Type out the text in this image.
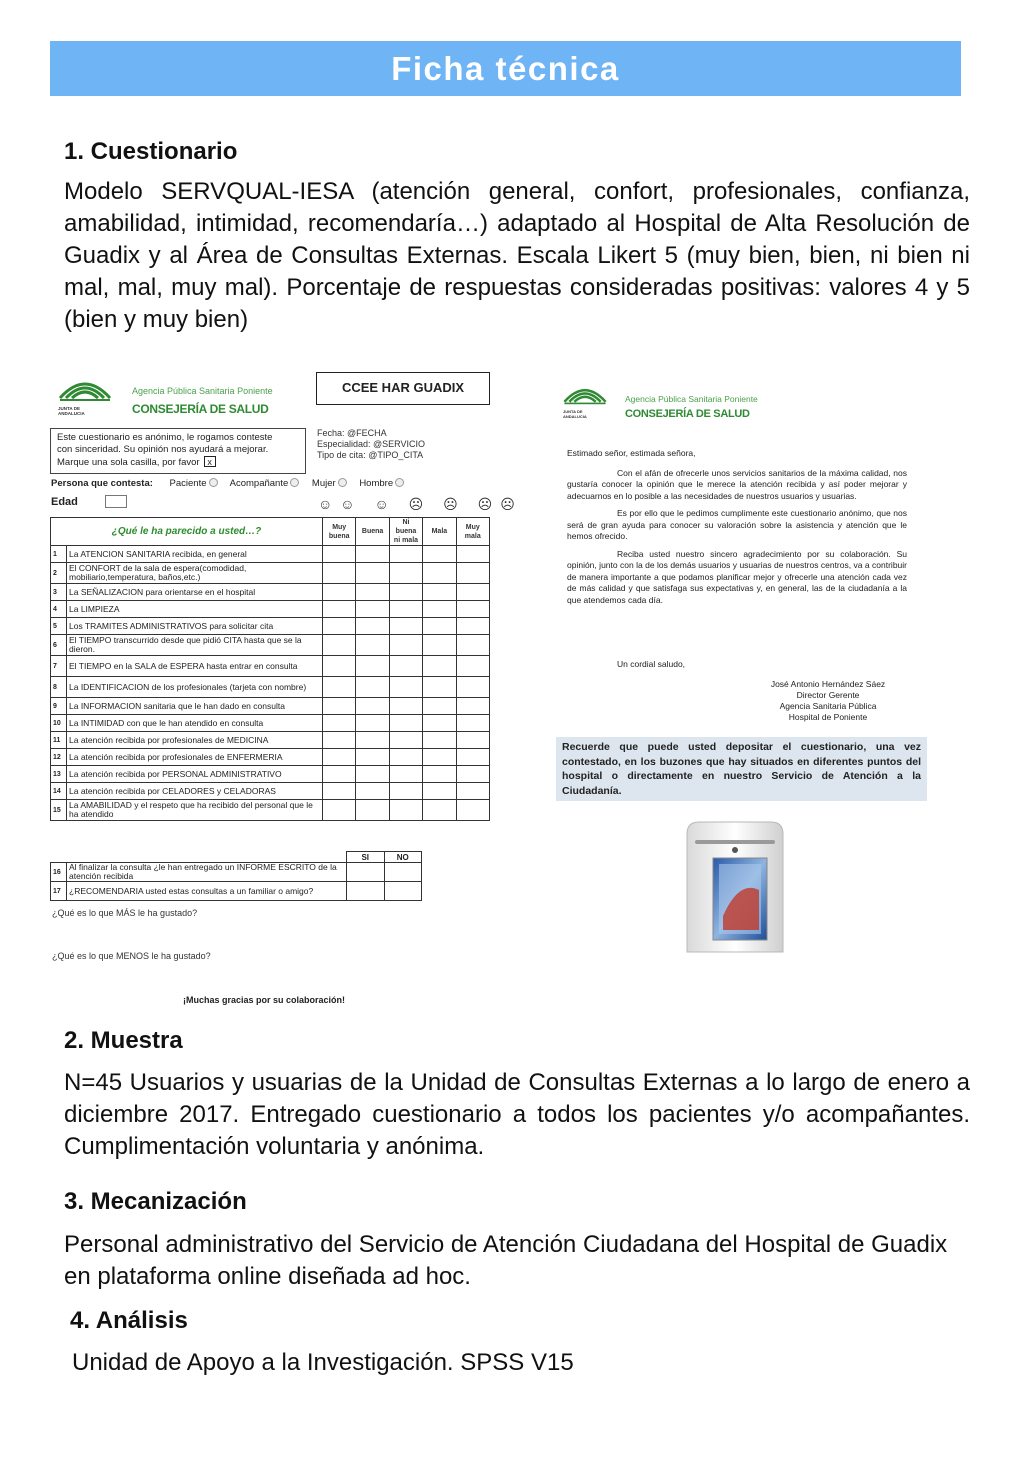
Ficha técnica
1. Cuestionario
Modelo SERVQUAL-IESA (atención general, confort, profesionales, confianza, amabilidad, intimidad, recomendaría…) adaptado al Hospital de Alta Resolución de Guadix y al Área de Consultas Externas. Escala Likert 5 (muy bien, bien, ni bien ni mal, mal, muy mal). Porcentaje de respuestas consideradas positivas: valores 4 y 5 (bien y muy bien)
JUNTA DE ANDALUCIA
Agencia Pública Sanitaria Poniente
CONSEJERÍA DE SALUD
CCEE HAR GUADIX
Este cuestionario es anónimo, le rogamos conteste
con sinceridad. Su opinión nos ayudará a mejorar.
Marque una sola casilla, por favor x
Fecha: @FECHA
Especialidad: @SERVICIO
Tipo de cita: @TIPO_CITA
Persona que contesta: Paciente Acompañante Mujer Hombre
Edad	☺☺ ☺ ☹ ☹ ☹☹
¿Qué le ha parecido a usted…?		Muy buena	Buena	Ni buena ni mala	Mala	Muy mala
1	La ATENCION SANITARIA recibida, en general					
2	El CONFORT de la sala de espera(comodidad, mobiliario,temperatura, baños,etc.)					
3	La SEÑALIZACION para orientarse en el hospital					
4	La LIMPIEZA					
5	Los TRAMITES ADMINISTRATIVOS para solicitar cita					
6	El TIEMPO transcurrido desde que pidió CITA hasta que se la dieron.					
7	El TIEMPO en la SALA de ESPERA hasta entrar en consulta					
8	La IDENTIFICACION de los profesionales (tarjeta con nombre)					
9	La INFORMACION sanitaria que le han dado en consulta					
10	La INTIMIDAD con que le han atendido en consulta					
11	La atención recibida por profesionales de MEDICINA					
12	La atención recibida por profesionales de ENFERMERIA					
13	La atención recibida por PERSONAL ADMINISTRATIVO					
14	La atención recibida por CELADORES y CELADORAS					
15	La AMABILIDAD y el respeto que ha recibido del personal que le ha atendido					
		SI	NO
16	Al finalizar la consulta ¿le han entregado un INFORME ESCRITO de la atención recibida		
17	¿RECOMENDARIA usted estas consultas a un familiar o amigo?		
¿Qué es lo que MÁS le ha gustado?
¿Qué es lo que MENOS le ha gustado?
¡Muchas gracias por su colaboración!
JUNTA DE ANDALUCIA
Agencia Pública Sanitaria Poniente
CONSEJERÍA DE SALUD
Estimado señor, estimada señora,

Con el afán de ofrecerle unos servicios sanitarios de la máxima calidad, nos gustaría conocer la opinión que le merece la atención recibida y así poder mejorar y adecuarnos en lo posible a las necesidades de nuestros usuarios y usuarias.

Es por ello que le pedimos cumplimente este cuestionario anónimo, que nos será de gran ayuda para conocer su valoración sobre la asistencia y atención que le hemos ofrecido.

Reciba usted nuestro sincero agradecimiento por su colaboración. Su opinión, junto con la de los demás usuarios y usuarias de nuestros centros, va a contribuir de manera importante a que podamos planificar mejor y ofrecerle una atención cada vez de más calidad y que satisfaga sus expectativas y, en general, las de la ciudadanía a la que atendemos cada día.

Un cordial saludo,
José Antonio Hernández Sáez
Director Gerente
Agencia Sanitaria Pública
Hospital de Poniente
Recuerde que puede usted depositar el cuestionario, una vez contestado, en los buzones que hay situados en diferentes puntos del hospital o directamente en nuestro Servicio de Atención a la Ciudadanía.
2. Muestra
N=45 Usuarios y usuarias de la Unidad de Consultas Externas a lo largo de enero a diciembre 2017. Entregado cuestionario a todos los pacientes y/o acompañantes. Cumplimentación voluntaria y anónima.
3. Mecanización
Personal administrativo del Servicio de Atención Ciudadana del Hospital de Guadix en plataforma online diseñada ad hoc.
4. Análisis
Unidad de Apoyo a la Investigación. SPSS V15
